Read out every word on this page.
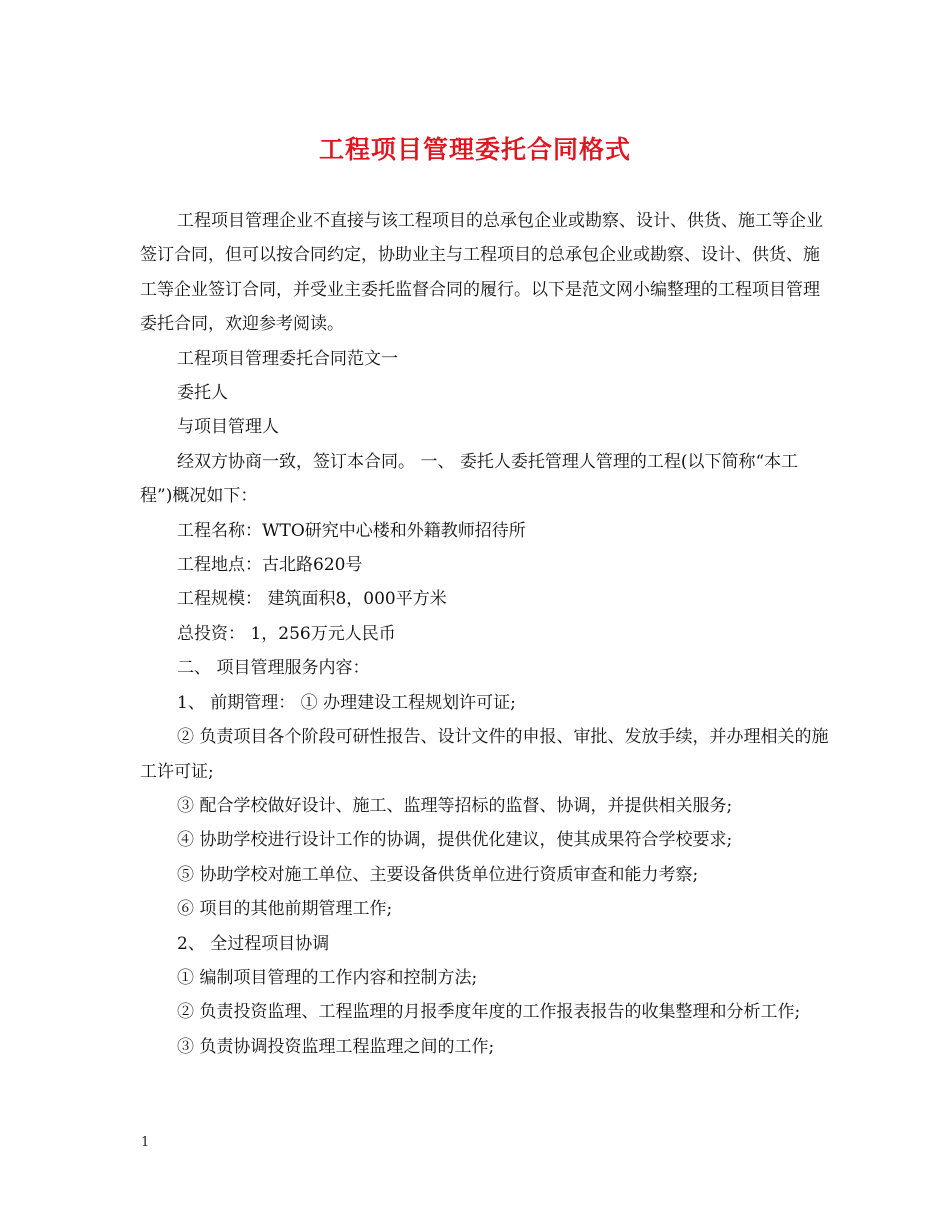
工程项目管理委托合同格式

工程项目管理企业不直接与该工程项目的总承包企业或勘察、设计、供货、施工等企业签订合同，但可以按合同约定，协助业主与工程项目的总承包企业或勘察、设计、供货、施工等企业签订合同，并受业主委托监督合同的履行。以下是范文网小编整理的工程项目管理委托合同，欢迎参考阅读。

工程项目管理委托合同范文一

委托人

与项目管理人

经双方协商一致，签订本合同。 一、 委托人委托管理人管理的工程(以下简称“本工程”)概况如下：

工程名称：WTO研究中心楼和外籍教师招待所

工程地点：古北路620号

工程规模： 建筑面积8，000平方米

总投资： 1，256万元人民币

二、 项目管理服务内容：

1、 前期管理： ① 办理建设工程规划许可证;

② 负责项目各个阶段可研性报告、设计文件的申报、审批、发放手续，并办理相关的施工许可证;

③ 配合学校做好设计、施工、监理等招标的监督、协调，并提供相关服务;

④ 协助学校进行设计工作的协调，提供优化建议，使其成果符合学校要求;

⑤ 协助学校对施工单位、主要设备供货单位进行资质审查和能力考察;

⑥ 项目的其他前期管理工作;

2、 全过程项目协调

① 编制项目管理的工作内容和控制方法;

② 负责投资监理、工程监理的月报季度年度的工作报表报告的收集整理和分析工作;

③ 负责协调投资监理工程监理之间的工作;

1
